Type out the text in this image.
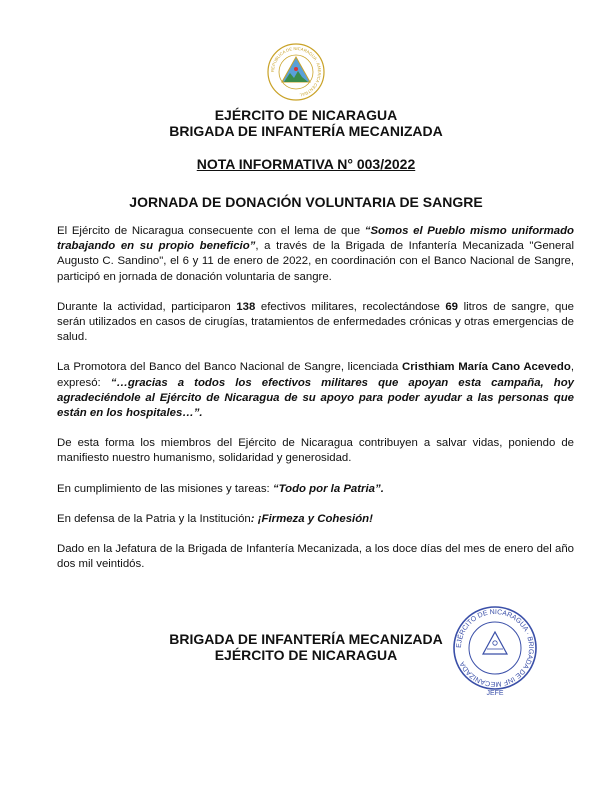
REPUBLICA DE NICARAGUA · AMERICA CENTRAL
EJÉRCITO DE NICARAGUA
BRIGADA DE INFANTERÍA MECANIZADA
NOTA INFORMATIVA N° 003/2022
JORNADA DE DONACIÓN VOLUNTARIA DE SANGRE

El Ejército de Nicaragua consecuente con el lema de que “Somos el Pueblo mismo uniformado trabajando en su propio beneficio”, a través de la Brigada de Infantería Mecanizada "General Augusto C. Sandino", el 6 y 11 de enero de 2022, en coordinación con el Banco Nacional de Sangre, participó en jornada de donación voluntaria de sangre.

Durante la actividad, participaron 138 efectivos militares, recolectándose 69 litros de sangre, que serán utilizados en casos de cirugías, tratamientos de enfermedades crónicas y otras emergencias de salud.

La Promotora del Banco del Banco Nacional de Sangre, licenciada Cristhiam María Cano Acevedo, expresó: “…gracias a todos los efectivos militares que apoyan esta campaña, hoy agradeciéndole al Ejército de Nicaragua de su apoyo para poder ayudar a las personas que están en los hospitales…”.

De esta forma los miembros del Ejército de Nicaragua contribuyen a salvar vidas, poniendo de manifiesto nuestro humanismo, solidaridad y generosidad.

En cumplimiento de las misiones y tareas: “Todo por la Patria”.

En defensa de la Patria y la Institución: ¡Firmeza y Cohesión!

Dado en la Jefatura de la Brigada de Infantería Mecanizada, a los doce días del mes de enero del año dos mil veintidós.

BRIGADA DE INFANTERÍA MECANIZADA
EJÉRCITO DE NICARAGUA
EJÉRCITO DE NICARAGUA · BRIGADA DE INF MECANIZADA
JEFE
